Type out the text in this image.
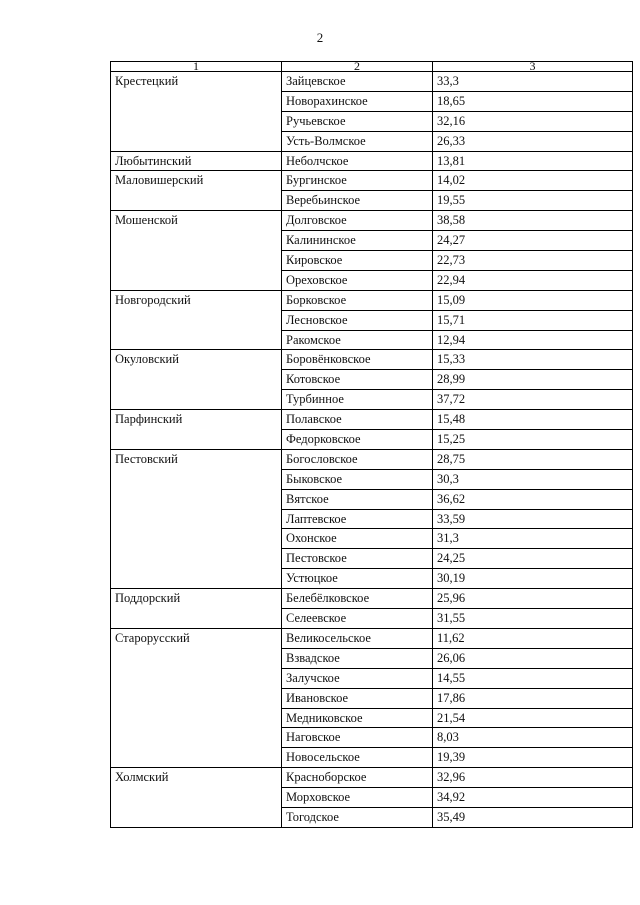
2
1	2	3
Крестецкий	Зайцевское	33,3
	Новорахинское	18,65
	Ручьевское	32,16
	Усть-Волмское	26,33
Любытинский	Неболчское	13,81
Маловишерский	Бургинское	14,02
	Веребьинское	19,55
Мошенской	Долговское	38,58
	Калининское	24,27
	Кировское	22,73
	Ореховское	22,94
Новгородский	Борковское	15,09
	Лесновское	15,71
	Ракомское	12,94
Окуловский	Боровёнковское	15,33
	Котовское	28,99
	Турбинное	37,72
Парфинский	Полавское	15,48
	Федорковское	15,25
Пестовский	Богословское	28,75
	Быковское	30,3
	Вятское	36,62
	Лаптевское	33,59
	Охонское	31,3
	Пестовское	24,25
	Устюцкое	30,19
Поддорский	Белебёлковское	25,96
	Селеевское	31,55
Старорусский	Великосельское	11,62
	Взвадское	26,06
	Залучское	14,55
	Ивановское	17,86
	Медниковское	21,54
	Наговское	8,03
	Новосельское	19,39
Холмский	Красноборское	32,96
	Морховское	34,92
	Тогодское	35,49
